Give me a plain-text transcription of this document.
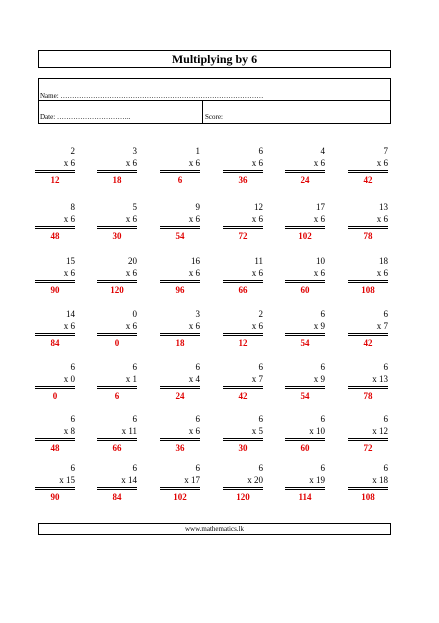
Multiplying by 6
Name: ……………………………………………………………………………
Date: …………………………..	Score:
2
x 6
12
3
x 6
18
1
x 6
6
6
x 6
36
4
x 6
24
7
x 6
42
8
x 6
48
5
x 6
30
9
x 6
54
12
x 6
72
17
x 6
102
13
x 6
78
15
x 6
90
20
x 6
120
16
x 6
96
11
x 6
66
10
x 6
60
18
x 6
108
14
x 6
84
0
x 6
0
3
x 6
18
2
x 6
12
6
x 9
54
6
x 7
42
6
x 0
0
6
x 1
6
6
x 4
24
6
x 7
42
6
x 9
54
6
x 13
78
6
x 8
48
6
x 11
66
6
x 6
36
6
x 5
30
6
x 10
60
6
x 12
72
6
x 15
90
6
x 14
84
6
x 17
102
6
x 20
120
6
x 19
114
6
x 18
108
www.mathematics.lk
